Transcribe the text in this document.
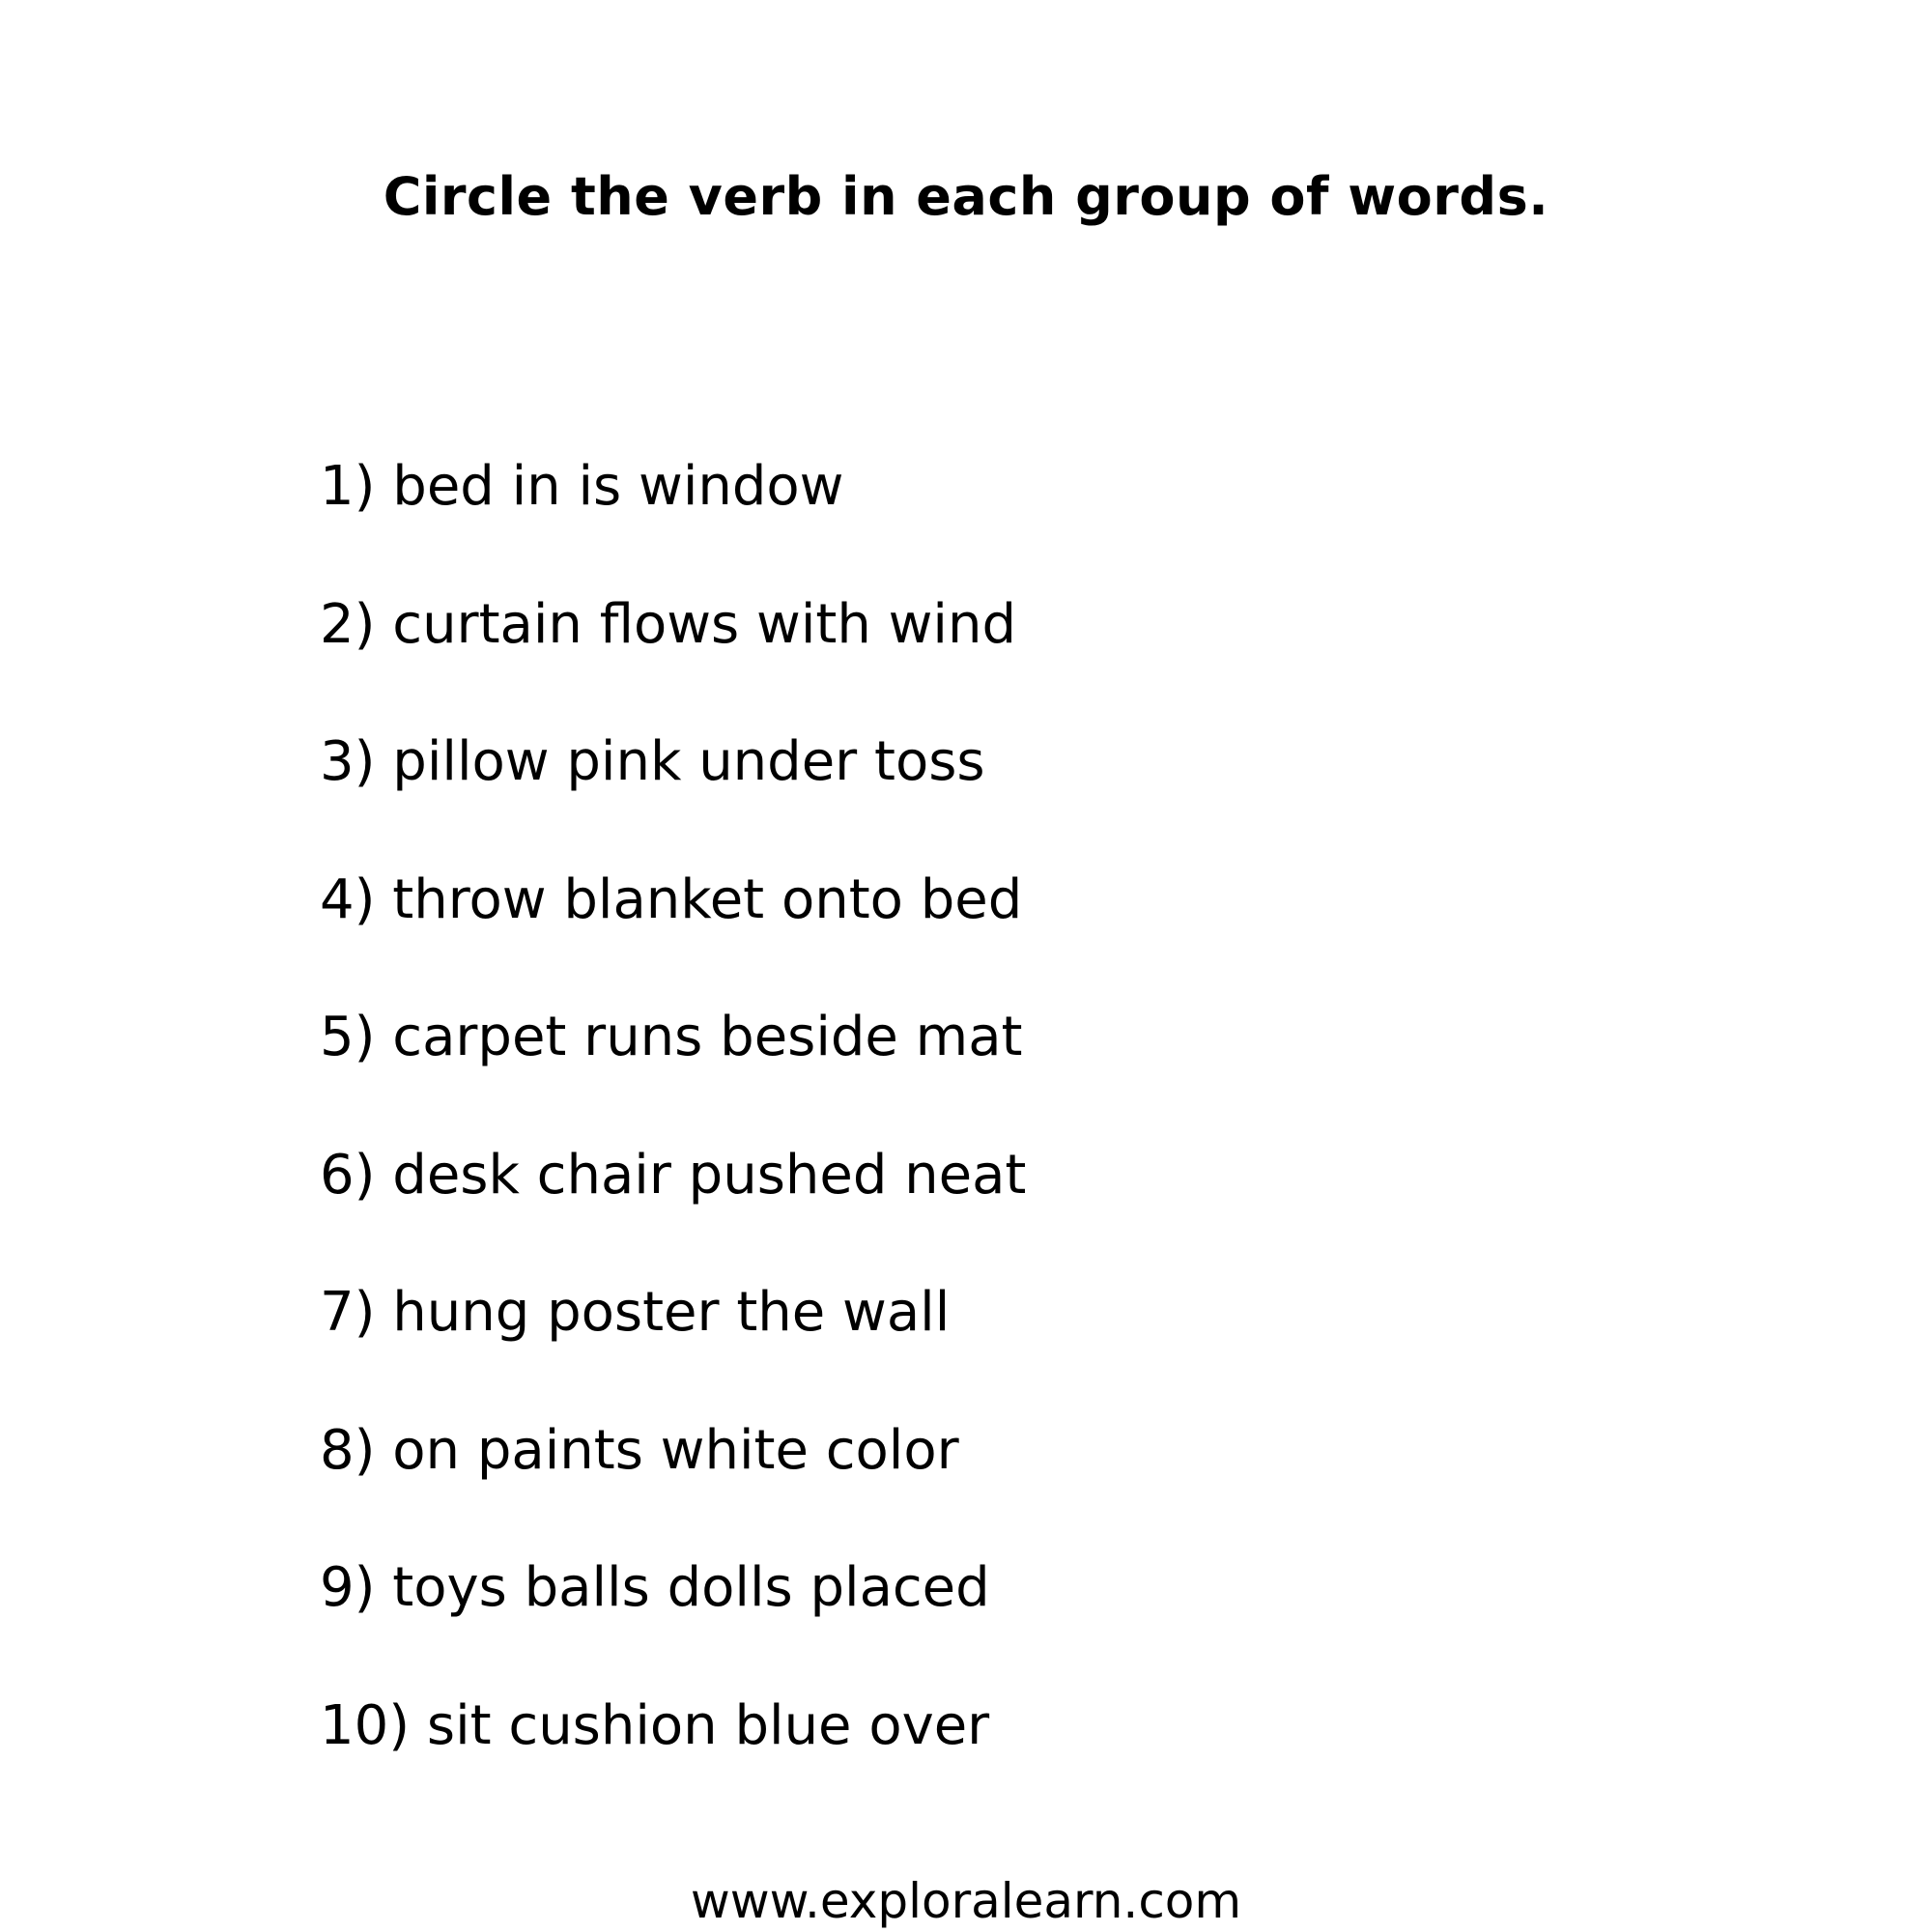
Circle the verb in each group of words.
1) bed in is window
2) curtain flows with wind
3) pillow pink under toss
4) throw blanket onto bed
5) carpet runs beside mat
6) desk chair pushed neat
7) hung poster the wall
8) on paints white color
9) toys balls dolls placed
10) sit cushion blue over
www.exploralearn.com
